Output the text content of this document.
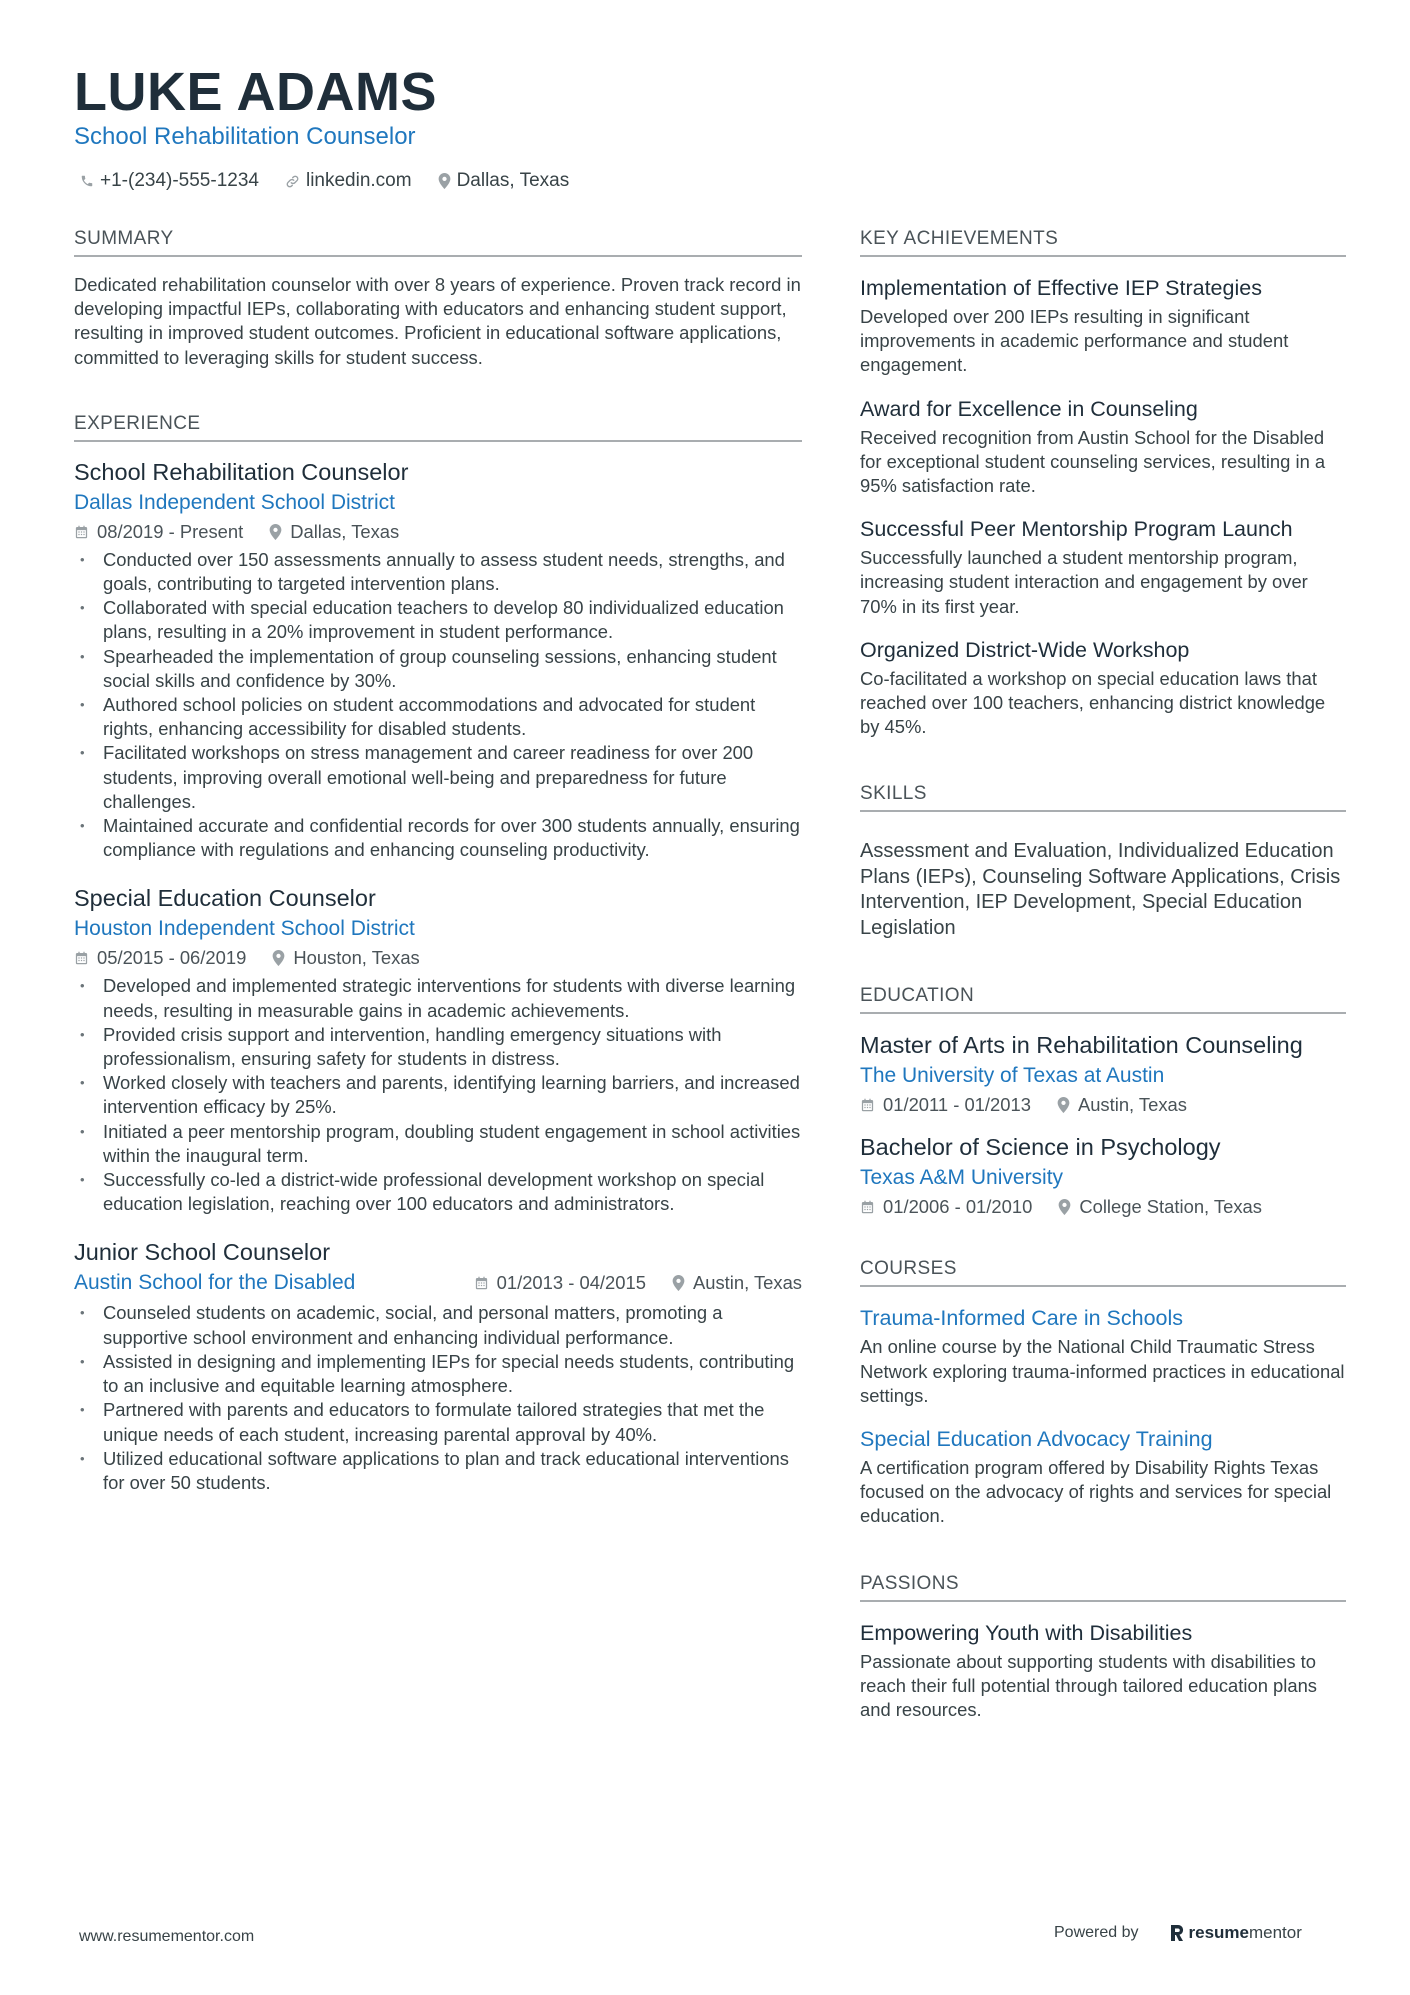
LUKE ADAMS
School Rehabilitation Counselor
+1-(234)-555-1234 linkedin.com Dallas, Texas
SUMMARY

Dedicated rehabilitation counselor with over 8 years of experience. Proven track record in developing impactful IEPs, collaborating with educators and enhancing student support, resulting in improved student outcomes. Proficient in educational software applications, committed to leveraging skills for student success.

EXPERIENCE
School Rehabilitation Counselor
Dallas Independent School District
08/2019 - Present	Dallas, Texas
• Conducted over 150 assessments annually to assess student needs, strengths, and goals, contributing to targeted intervention plans.
• Collaborated with special education teachers to develop 80 individualized education plans, resulting in a 20% improvement in student performance.
• Spearheaded the implementation of group counseling sessions, enhancing student social skills and confidence by 30%.
• Authored school policies on student accommodations and advocated for student rights, enhancing accessibility for disabled students.
• Facilitated workshops on stress management and career readiness for over 200 students, improving overall emotional well-being and preparedness for future challenges.
• Maintained accurate and confidential records for over 300 students annually, ensuring compliance with regulations and enhancing counseling productivity.
Special Education Counselor
Houston Independent School District
05/2015 - 06/2019	Houston, Texas
• Developed and implemented strategic interventions for students with diverse learning needs, resulting in measurable gains in academic achievements.
• Provided crisis support and intervention, handling emergency situations with professionalism, ensuring safety for students in distress.
• Worked closely with teachers and parents, identifying learning barriers, and increased intervention efficacy by 25%.
• Initiated a peer mentorship program, doubling student engagement in school activities within the inaugural term.
• Successfully co-led a district-wide professional development workshop on special education legislation, reaching over 100 educators and administrators.
Junior School Counselor
Austin School for the Disabled	01/2013 - 04/2015	Austin, Texas
• Counseled students on academic, social, and personal matters, promoting a supportive school environment and enhancing individual performance.
• Assisted in designing and implementing IEPs for special needs students, contributing to an inclusive and equitable learning atmosphere.
• Partnered with parents and educators to formulate tailored strategies that met the unique needs of each student, increasing parental approval by 40%.
• Utilized educational software applications to plan and track educational interventions for over 50 students.
KEY ACHIEVEMENTS
Implementation of Effective IEP Strategies
Developed over 200 IEPs resulting in significant improvements in academic performance and student engagement.
Award for Excellence in Counseling
Received recognition from Austin School for the Disabled for exceptional student counseling services, resulting in a 95% satisfaction rate.
Successful Peer Mentorship Program Launch
Successfully launched a student mentorship program, increasing student interaction and engagement by over 70% in its first year.
Organized District-Wide Workshop
Co-facilitated a workshop on special education laws that reached over 100 teachers, enhancing district knowledge by 45%.
SKILLS

Assessment and Evaluation, Individualized Education Plans (IEPs), Counseling Software Applications, Crisis Intervention, IEP Development, Special Education Legislation

EDUCATION
Master of Arts in Rehabilitation Counseling
The University of Texas at Austin
01/2011 - 01/2013	Austin, Texas
Bachelor of Science in Psychology
Texas A&M University
01/2006 - 01/2010	College Station, Texas
COURSES
Trauma-Informed Care in Schools
An online course by the National Child Traumatic Stress Network exploring trauma-informed practices in educational settings.
Special Education Advocacy Training
A certification program offered by Disability Rights Texas focused on the advocacy of rights and services for special education.
PASSIONS
Empowering Youth with Disabilities
Passionate about supporting students with disabilities to reach their full potential through tailored education plans and resources.
www.resumementor.com	Powered by	resume mentor
